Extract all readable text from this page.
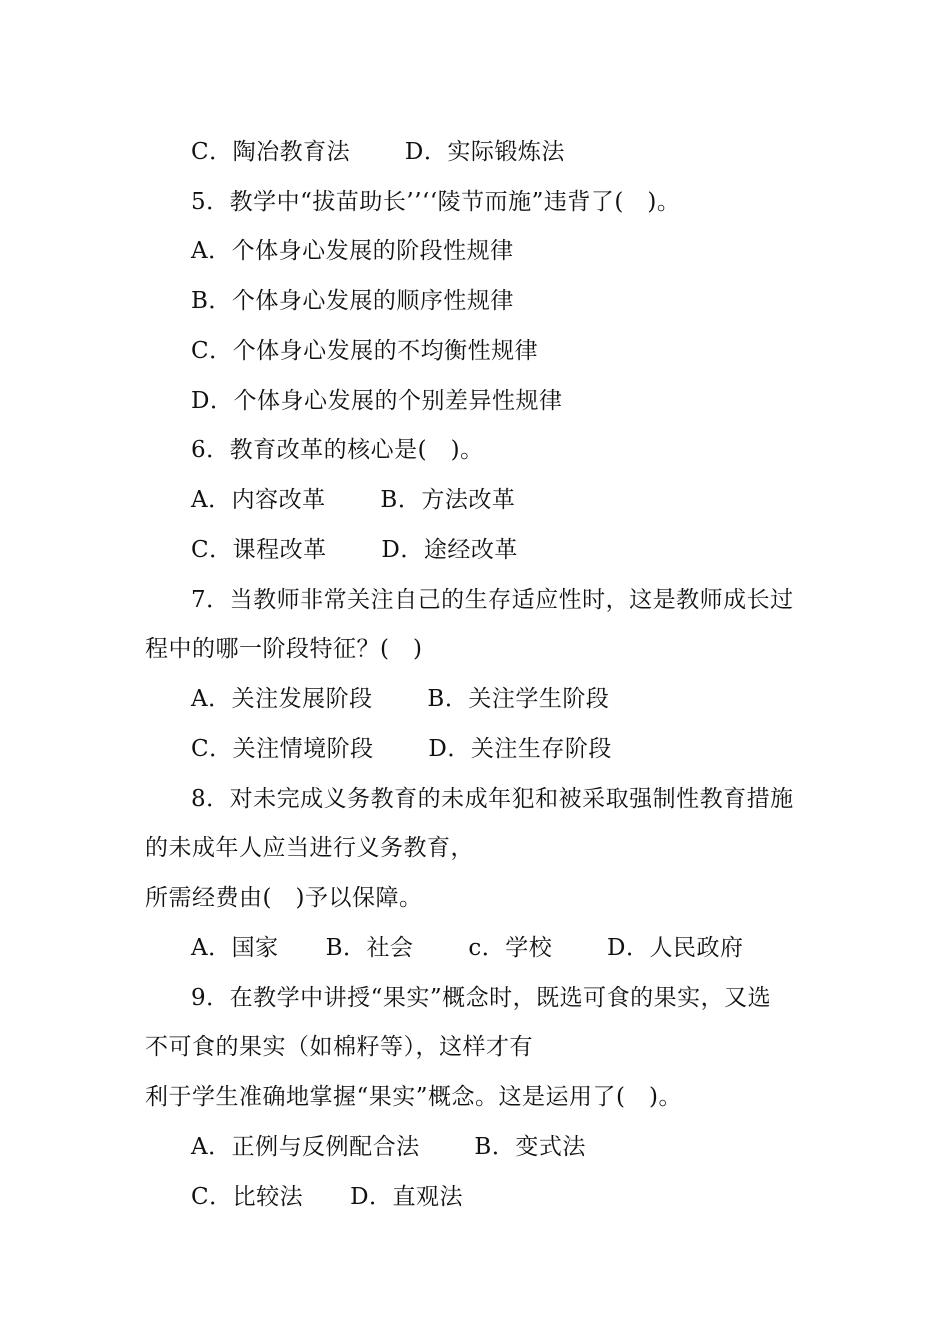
C．陶冶教育法　　 D．实际锻炼法
5．教学中“拔苗助长’’‘‘陵节而施”违背了(　)。
A．个体身心发展的阶段性规律
B．个体身心发展的顺序性规律
C．个体身心发展的不均衡性规律
D．个体身心发展的个别差异性规律
6．教育改革的核心是(　)。
A．内容改革　　 B．方法改革
C．课程改革　　 D．途经改革
7．当教师非常关注自己的生存适应性时，这是教师成长过
程中的哪一阶段特征？(　)
A．关注发展阶段　　 B．关注学生阶段
C．关注情境阶段　　 D．关注生存阶段
8．对未完成义务教育的未成年犯和被采取强制性教育措施
的未成年人应当进行义务教育，
所需经费由(　)予以保障。
A．国家　　B．社会　　 c．学校　　 D．人民政府
9．在教学中讲授“果实”概念时，既选可食的果实，又选
不可食的果实（如棉籽等），这样才有
利于学生准确地掌握“果实”概念。这是运用了(　)。
A．正例与反例配合法　　 B．变式法
C．比较法　　D．直观法
